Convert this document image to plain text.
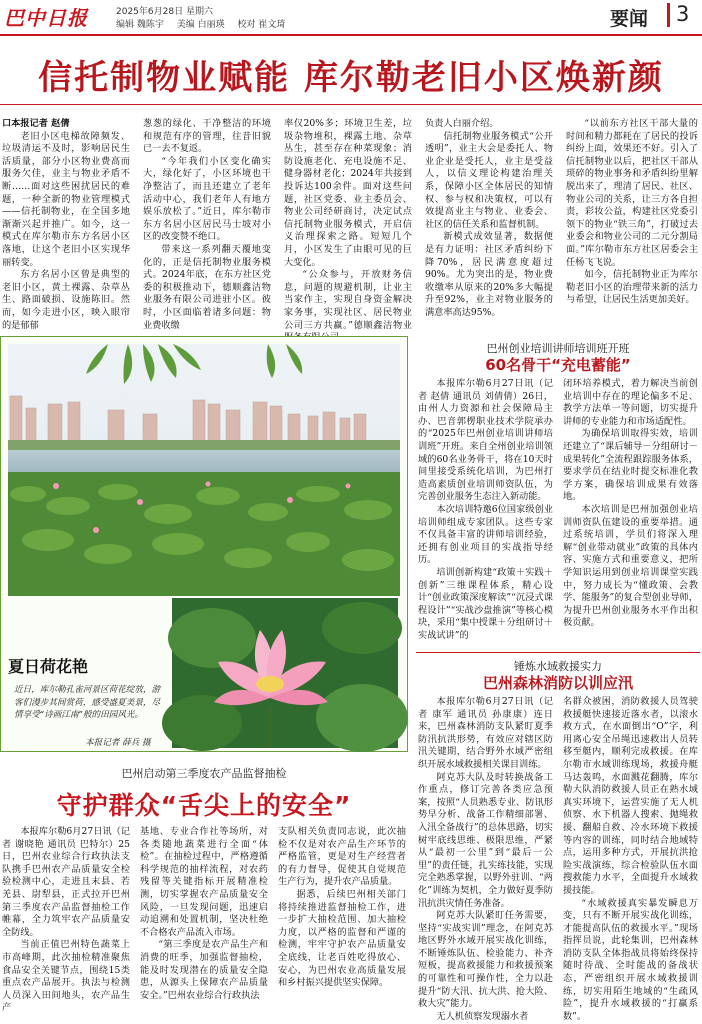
巴中日报	2025年6月28日 星期六
编辑 魏陈宇 美编 白丽瑛 校对 崔文琦	要闻 3
信托制物业赋能 库尔勒老旧小区焕新颜

口本报记者 赵倩

老旧小区电梯故障频发、垃圾清运不及时，影响居民生活质量，部分小区物业费高而服务欠佳，业主与物业矛盾不断……面对这些困扰居民的难题，一种全新的物业管理模式——信托制物业，在全国多地渐渐兴起并推广。如今，这一模式在库尔勒市东方名居小区落地，让这个老旧小区实现华丽转变。

东方名居小区曾是典型的老旧小区，黄土裸露、杂草丛生、路面破损、设施陈旧。然而，如今走进小区，映入眼帘的是郁郁

葱葱的绿化、干净整洁的环境和规范有序的管理，往昔旧貌已一去不复返。

“今年我们小区变化确实大，绿化好了，小区环境也干净整洁了，而且还建立了老年活动中心，我们老年人有地方娱乐放松了。”近日，库尔勒市东方名居小区居民马士坡对小区的改变赞不绝口。

带来这一系列翻天覆地变化的，正是信托制物业服务模式。2024年底，在东方社区党委的积极推动下，德顺鑫洁物业服务有限公司进驻小区。彼时，小区面临着诸多问题：物业费收缴

率仅20%多；环境卫生差，垃圾杂物堆积，裸露土地、杂草丛生，甚至存在种菜现象；消防设施老化、充电设施不足、健身器材老化；2024年共接到投诉达100余件。面对这些问题，社区党委、业主委员会、物业公司经研商讨，决定试点信托制物业服务模式，开启信义治理探索之路。短短几个月，小区发生了由眼可见的巨大变化。

“公众参与，开放财务信息，问题的规避机制，让业主当家作主，实现自身资金解决家务事，实现社区、居民物业公司三方共赢。”德顺鑫洁物业

负责人白丽介绍。

信托制物业服务模式“公开透明”，业主大会是委托人、物业企业是受托人，业主是受益人，以信义理论构建治理关系，保障小区全体居民的知情权、参与权和决策权，可以有效提高业主与物业、业委会、社区的信任关系和监督机制。

新模式成效显著，数据便是有力证明：社区矛盾纠纷下降70%，居民满意度超过90%。尤为突出的是，物业费收缴率从原来的20%多大幅提升至92%，业主对物业服务的满意率高达95%。

“以前东方社区干部大量的时间和精力都耗在了居民的投诉纠纷上面，效果还不好。引入了信托制物业以后，把社区干部从琐碎的物业事务和矛盾纠纷里解脱出来了，理清了居民、社区、物业公司的关系，让三方各自担责，彩妆公益，构建社区党委引领下的物业“铁三角”，打破过去业委会和物业公司的二元分割局面。”库尔勒市东方社区居委会主任杨飞飞说。

如今，信托制物业正为库尔勒老旧小区的治理带来新的活力与希望，让居民生活更加美好。

夏日荷花艳
近日，库尔勒孔雀河景区荷花绽放，游客们漫步其间赏荷，感受盛夏美景，尽情享受“诗画江南”般的田园风光。
本报记者 薛兵 摄
巴州创业培训讲师培训班开班
60名骨干“充电蓄能”

本报库尔勒6月27日讯（记者 赵倩 通讯员 刘倩倩）26日，由州人力资源和社会保障局主办、巴音郭楞职业技术学院承办的“2025年巴州创业培训讲师培训班”开班。来自全州创业培训领域的60名业务骨干，将在10天时间里接受系统化培训，为巴州打造高素质创业培训师资队伍，为完善创业服务生态注入新动能。

本次培训特邀6位国家级创业培训师组成专家团队。这些专家不仅具备丰富的讲师培训经验，还拥有创业项目的实战指导经历。

培训创新构建“政策＋实践＋创新”三维课程体系，精心设计“创业政策深度解读”“沉浸式课程设计”“实战沙盘推演”等核心模块，采用“集中授课＋分组研讨＋实战试讲”的

闭环培养模式，着力解决当前创业培训中存在的理论偏多不足、教学方法单一等问题，切实提升讲师的专业能力和市场适配性。

为确保培训取得实效，培训还建立了“课后辅导－分组研讨－成果转化”全流程跟踪服务体系，要求学员在结业时提交标准化教学方案，确保培训成果有效落地。

本次培训是巴州加强创业培训师资队伍建设的重要举措。通过系统培训，学员们将深入理解“创业带动就业”政策的具体内容、实施方式和重要意义，把所学知识运用到创业培训课堂实践中，努力成长为“懂政策、会教学、能服务”的复合型创业导师，为提升巴州创业服务水平作出积极贡献。

锤炼水域救援实力
巴州森林消防以训应汛

本报库尔勒6月27日讯（记者 康军 通讯员 孙康康）连日来，巴州森林消防支队紧盯夏季防汛抗洪形势，有效应对辖区防汛关键期，结合野外水域严密组织开展水域救援相关课目训练。

阿克苏大队及时转换战备工作重点，修订完善各类应急预案，按照“人员熟悉专业、防讯形势早分析、战备工作精细部署、入汛全备战行”的总体思路，切实树牢底线思维、极限思维，严紧从“最初一公里”到“最后一公里”的责任链，扎实练技能，实现完全熟悉掌握，以野外驻训、“两化”训练为契机，全力做好夏季防汛抗洪灾情任务准备。

阿克苏大队紧盯任务需要，坚持“实战实训”理念，在阿克苏地区野外水域开展实战化训练，不断锤炼队伍、检验能力、补齐短板，提高救援能力和救援预案的可靠性和可操作性，全力以赴提升“防大汛、抗大洪、抢大险、救大灾”能力。

无人机侦察发现溺水者

名群众被困，消防救援人员驾驶救援艇快速接近落水者，以滚水救方式，在水面倒出“O”字，利用离心安全吊绳迅速救出人员转移至艇内，顺利完成救援。在库尔勒市水域训练现场，救援舟艇马达轰鸣，水面溅花翻腾，库尔勒大队消防救援人员正在熟水域真实环境下，运营实施了无人机侦察、水下机器人搜索、抛绳救援、翻船自救、冷水环境下救援等内容的训练，同时结合地域特点，运用多种方式，开展抗洪抢险实战演练，综合检验队伍水面搜救能力水平，全面提升水域救援技能。

“水域救援真实暴发瞬息万变，只有不断开展实战化训练，才能提高队伍的救援水平。”现场指挥员说，此轮集训，巴州森林消防支队全体指战员将始终保持随时待战、全时能战的备战状态，严密组织开展水域救援训练，切实用陌生地域的“生疏风险”，提升水域救援的“打赢系数”。

巴州启动第三季度农产品监督抽检
守护群众“舌尖上的安全”

本报库尔勒6月27日讯（记者 谢晓艳 通讯员 巴特尔）25日，巴州农业综合行政执法支队携手巴州农产品质量安全检验检测中心，走进且末县、若羌县、尉犁县，正式拉开巴州第三季度农产品监督抽检工作帷幕，全力筑牢农产品质量安全防线。

当前正值巴州特色蔬菜上市高峰期，此次抽检精准聚焦食品安全关键节点，围绕15类重点农产品展开。执法与检测人员深入田间地头，农产品生产

基地、专业合作社等场所，对各类随地蔬菜进行全面“体检”。在抽检过程中，严格遵循科学规范的抽样流程，对农药残留等关键指标开展精准检测，切实掌握农产品质量安全风险，一旦发现问题，迅速启动追溯和处置机制，坚决杜绝不合格农产品流入市场。

“第三季度是农产品生产和消费的旺季，加强监督抽检，能及时发现潜在的质量安全隐患，从源头上保障农产品质量安全。”巴州农业综合行政执法

支队相关负责同志说，此次抽检不仅是对农产品生产环节的严格监管，更是对生产经营者的有力督导，促使其自觉规范生产行为，提升农产品质量。

据悉，后续巴州相关部门将持续推进监督抽检工作，进一步扩大抽检范围、加大抽检力度，以严格的监督和严谨的检测，牢牢守护农产品质量安全底线，让老百姓吃得放心、安心，为巴州农业高质量发展和乡村振兴提供坚实保障。
